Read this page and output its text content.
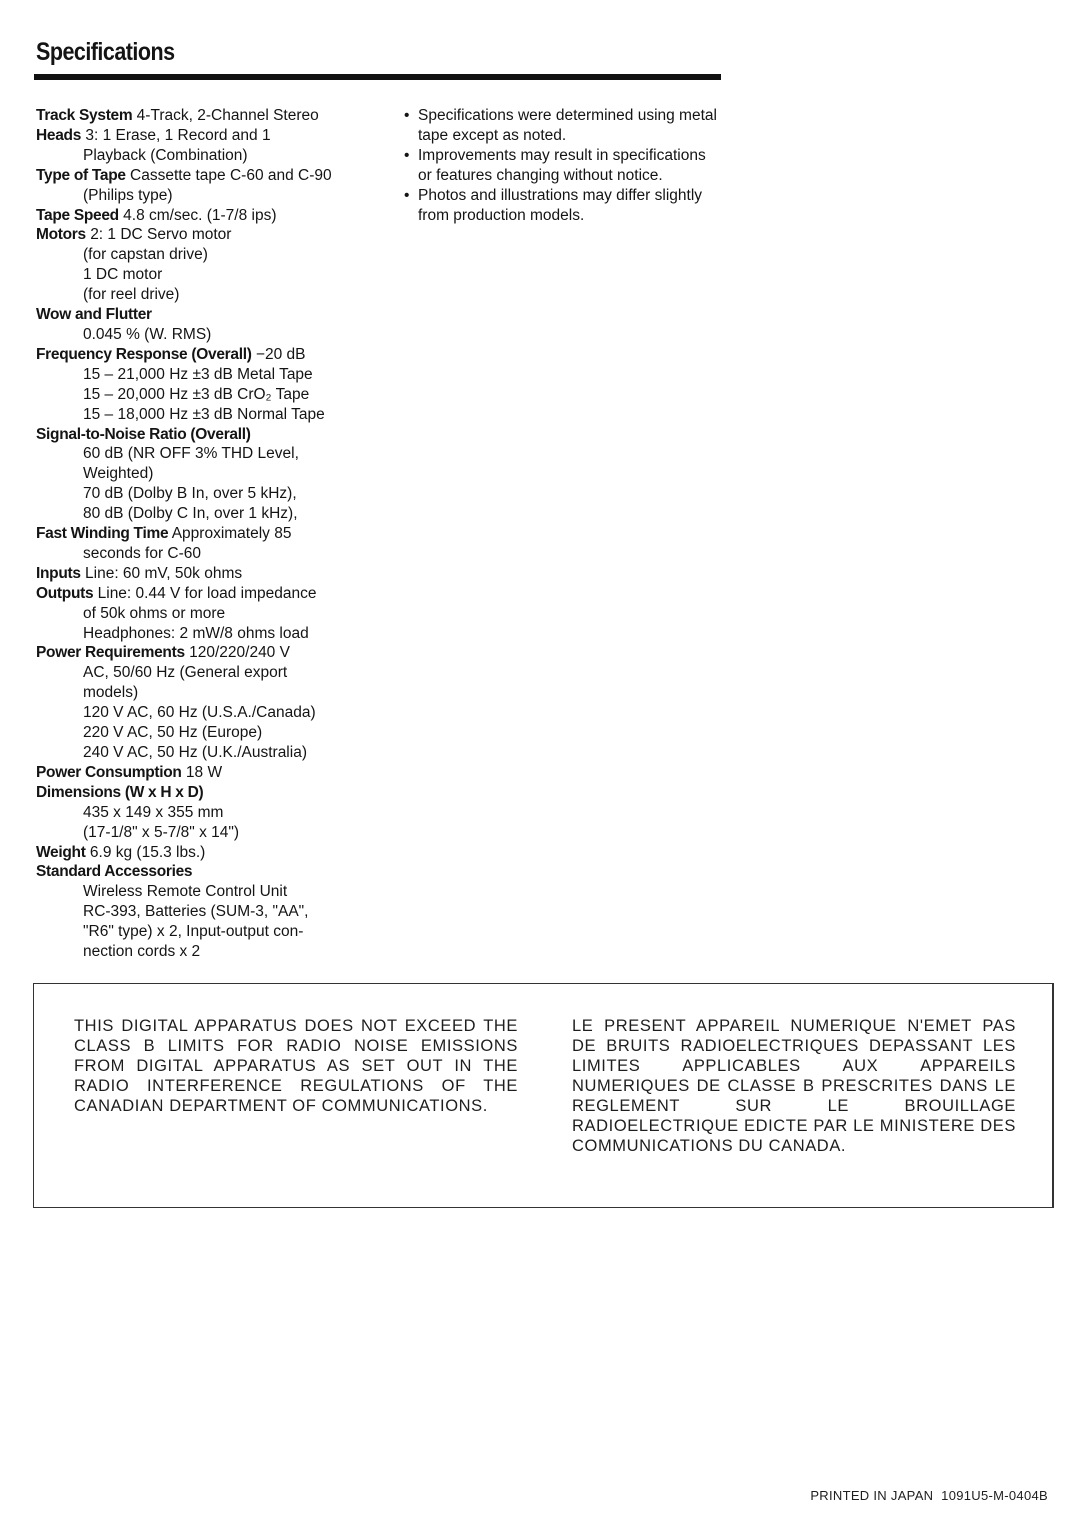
Specifications
Track System 4-Track, 2-Channel Stereo
Heads 3: 1 Erase, 1 Record and 1
Playback (Combination)
Type of Tape Cassette tape C-60 and C-90
(Philips type)
Tape Speed 4.8 cm/sec. (1-7/8 ips)
Motors 2: 1 DC Servo motor
(for capstan drive)
1 DC motor
(for reel drive)
Wow and Flutter
0.045 % (W. RMS)
Frequency Response (Overall) −20 dB
15 – 21,000 Hz ±3 dB Metal Tape
15 – 20,000 Hz ±3 dB CrO₂ Tape
15 – 18,000 Hz ±3 dB Normal Tape
Signal-to-Noise Ratio (Overall)
60 dB (NR OFF 3% THD Level,
Weighted)
70 dB (Dolby B In, over 5 kHz),
80 dB (Dolby C In, over 1 kHz),
Fast Winding Time Approximately 85
seconds for C-60
Inputs Line: 60 mV, 50k ohms
Outputs Line: 0.44 V for load impedance
of 50k ohms or more
Headphones: 2 mW/8 ohms load
Power Requirements 120/220/240 V
AC, 50/60 Hz (General export
models)
120 V AC, 60 Hz (U.S.A./Canada)
220 V AC, 50 Hz (Europe)
240 V AC, 50 Hz (U.K./Australia)
Power Consumption 18 W
Dimensions (W x H x D)
435 x 149 x 355 mm
(17-1/8" x 5-7/8" x 14")
Weight 6.9 kg (15.3 lbs.)
Standard Accessories
Wireless Remote Control Unit
RC-393, Batteries (SUM-3, "AA",
"R6" type) x 2, Input-output con-
nection cords x 2
• Specifications were determined using metal
tape except as noted.
• Improvements may result in specifications
or features changing without notice.
• Photos and illustrations may differ slightly
from production models.
THIS DIGITAL APPARATUS DOES NOT EXCEED THE CLASS B LIMITS FOR RADIO NOISE EMISSIONS FROM DIGITAL APPARATUS AS SET OUT IN THE RADIO INTERFERENCE REGULATIONS OF THE CANADIAN DEPARTMENT OF COMMUNICATIONS.
LE PRESENT APPAREIL NUMERIQUE N'EMET PAS DE BRUITS RADIOELECTRIQUES DEPASSANT LES LIMITES APPLICABLES AUX APPAREILS NUMERIQUES DE CLASSE B PRESCRITES DANS LE REGLEMENT SUR LE BROUILLAGE RADIOELECTRIQUE EDICTE PAR LE MINISTERE DES COMMUNICATIONS DU CANADA.
PRINTED IN JAPAN  1091U5-M-0404B
